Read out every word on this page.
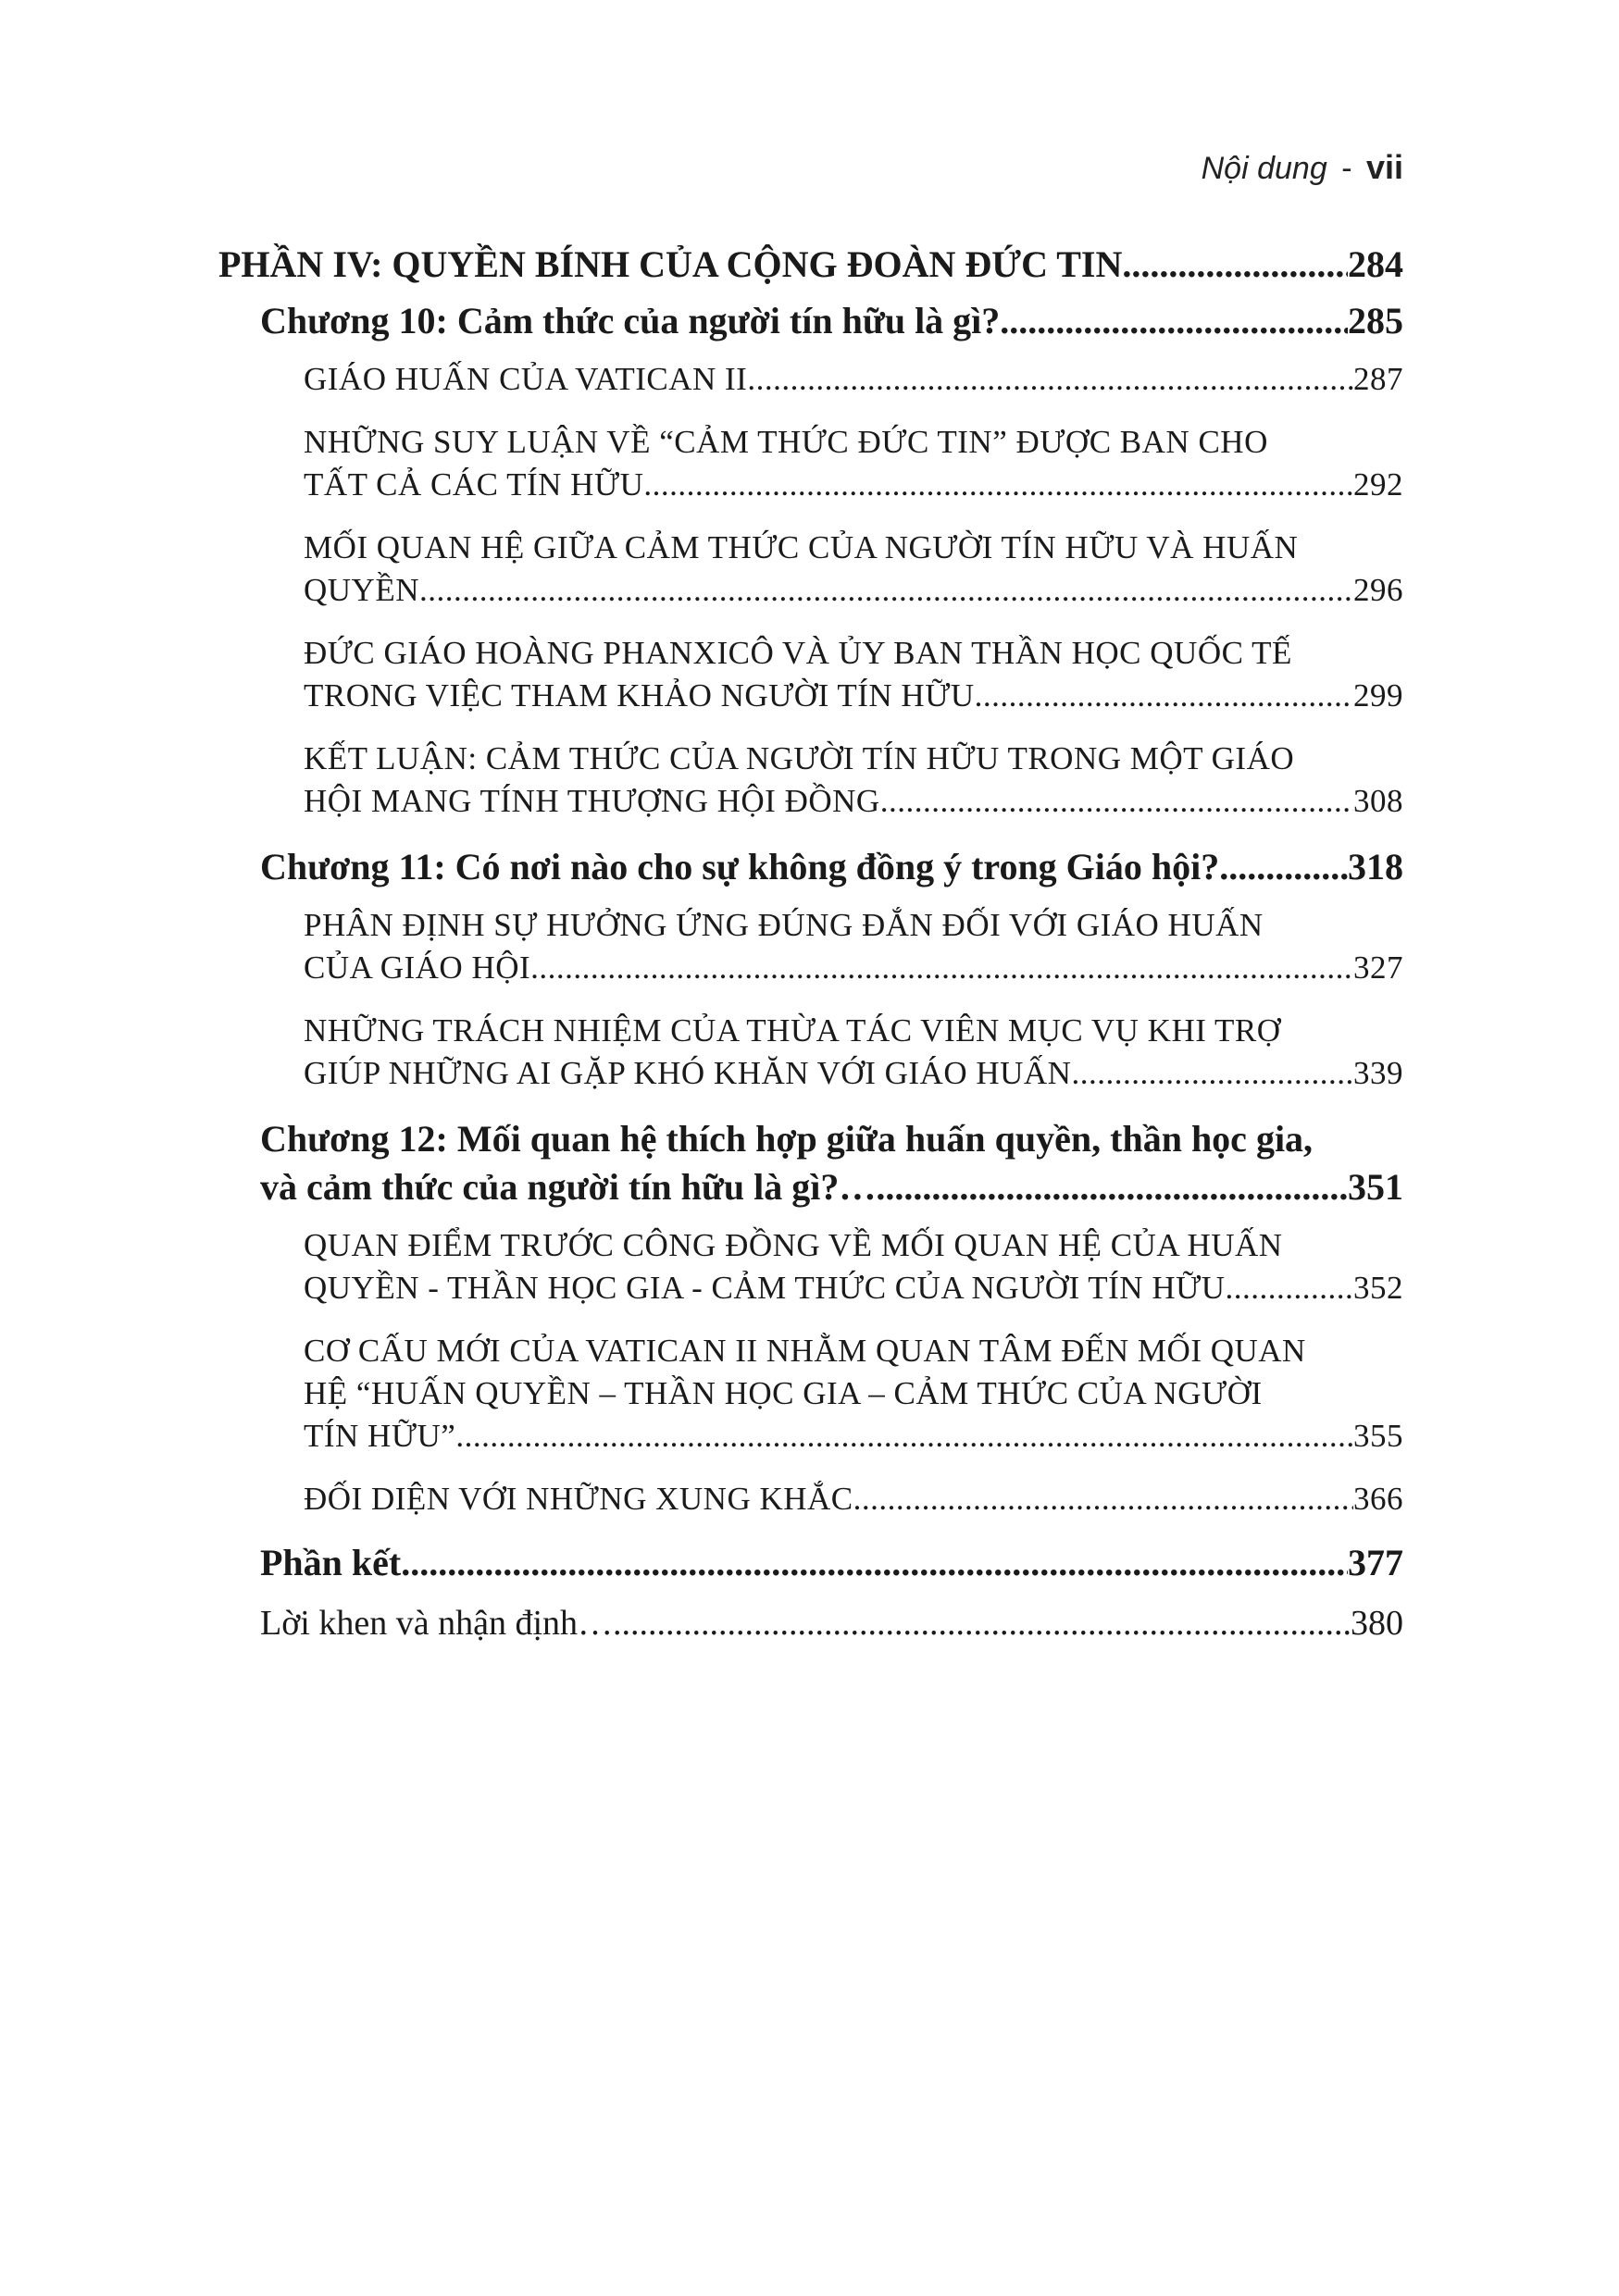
Nội dung - vii
PHẦN IV: QUYỀN BÍNH CỦA CỘNG ĐOÀN ĐỨC TIN .....	284
Chương 10: Cảm thức của người tín hữu là gì? .....	285
GIÁO HUẤN CỦA VATICAN II .....	287
NHỮNG SUY LUẬN VỀ “CẢM THỨC ĐỨC TIN” ĐƯỢC BAN CHO
TẤT CẢ CÁC TÍN HỮU .....	292
MỐI QUAN HỆ GIỮA CẢM THỨC CỦA NGƯỜI TÍN HỮU VÀ HUẤN
QUYỀN .....	296
ĐỨC GIÁO HOÀNG PHANXICÔ VÀ ỦY BAN THẦN HỌC QUỐC TẾ
TRONG VIỆC THAM KHẢO NGƯỜI TÍN HỮU .....	299
KẾT LUẬN: CẢM THỨC CỦA NGƯỜI TÍN HỮU TRONG MỘT GIÁO
HỘI MANG TÍNH THƯỢNG HỘI ĐỒNG .....	308
Chương 11: Có nơi nào cho sự không đồng ý trong Giáo hội? .....	318
PHÂN ĐỊNH SỰ HƯỞNG ỨNG ĐÚNG ĐẮN ĐỐI VỚI GIÁO HUẤN
CỦA GIÁO HỘI .....	327
NHỮNG TRÁCH NHIỆM CỦA THỪA TÁC VIÊN MỤC VỤ KHI TRỢ
GIÚP NHỮNG AI GẶP KHÓ KHĂN VỚI GIÁO HUẤN .....	339
Chương 12: Mối quan hệ thích hợp giữa huấn quyền, thần học gia,
và cảm thức của người tín hữu là gì?… .....	351
QUAN ĐIỂM TRƯỚC CÔNG ĐỒNG VỀ MỐI QUAN HỆ CỦA HUẤN
QUYỀN - THẦN HỌC GIA - CẢM THỨC CỦA NGƯỜI TÍN HỮU .....	352
CƠ CẤU MỚI CỦA VATICAN II NHẰM QUAN TÂM ĐẾN MỐI QUAN
HỆ “HUẤN QUYỀN – THẦN HỌC GIA – CẢM THỨC CỦA NGƯỜI
TÍN HỮU” .....	355
ĐỐI DIỆN VỚI NHỮNG XUNG KHẮC .....	366
Phần kết .....	377
Lời khen và nhận định… .....	380
